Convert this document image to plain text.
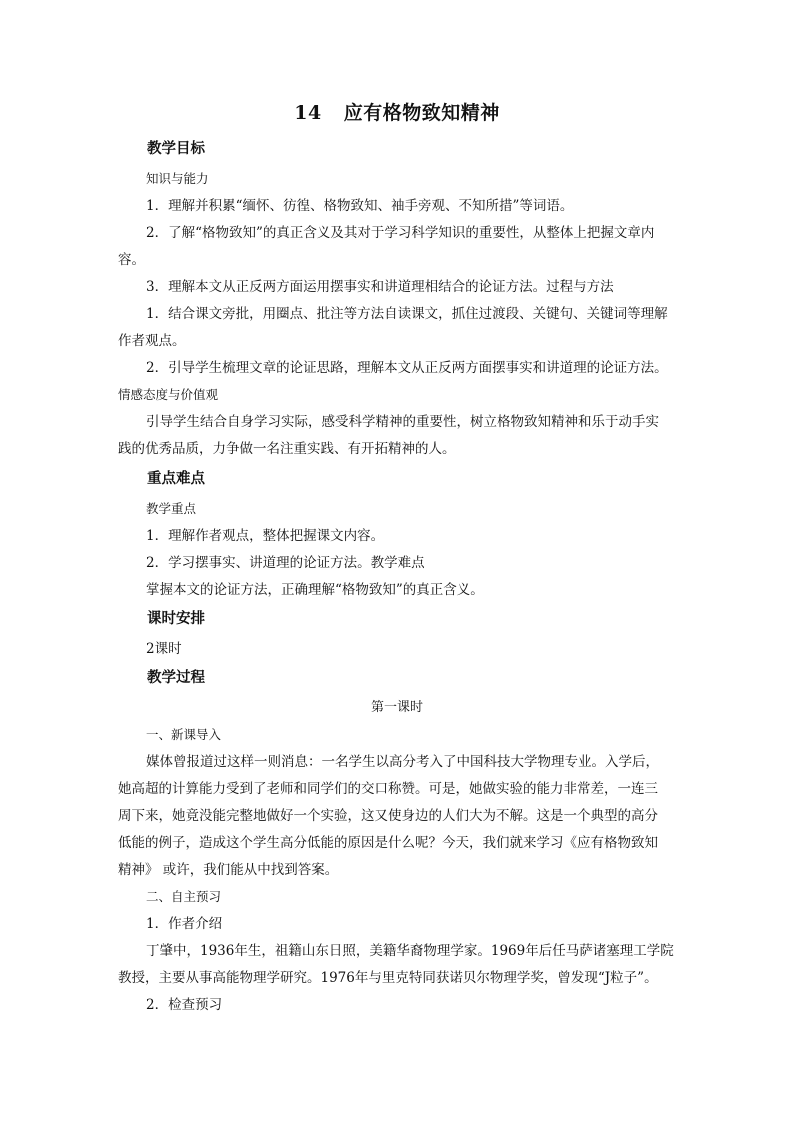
14 应有格物致知精神
教学目标
知识与能力
1．理解并积累“缅怀、彷徨、格物致知、袖手旁观、不知所措”等词语。
2．了解“格物致知”的真正含义及其对于学习科学知识的重要性，从整体上把握文章内
容。
3．理解本文从正反两方面运用摆事实和讲道理相结合的论证方法。过程与方法
1．结合课文旁批，用圈点、批注等方法自读课文，抓住过渡段、关键句、关键词等理解
作者观点。
2．引导学生梳理文章的论证思路，理解本文从正反两方面摆事实和讲道理的论证方法。
情感态度与价值观
引导学生结合自身学习实际，感受科学精神的重要性，树立格物致知精神和乐于动手实
践的优秀品质，力争做一名注重实践、有开拓精神的人。
重点难点
教学重点
1．理解作者观点，整体把握课文内容。
2．学习摆事实、讲道理的论证方法。教学难点
掌握本文的论证方法，正确理解“格物致知”的真正含义。
课时安排
2课时
教学过程
第一课时
一、新课导入
媒体曾报道过这样一则消息：一名学生以高分考入了中国科技大学物理专业。入学后，
她高超的计算能力受到了老师和同学们的交口称赞。可是，她做实验的能力非常差，一连三
周下来，她竟没能完整地做好一个实验，这又使身边的人们大为不解。这是一个典型的高分
低能的例子，造成这个学生高分低能的原因是什么呢？今天，我们就来学习《应有格物致知
精神》 或许，我们能从中找到答案。
二、自主预习
1．作者介绍
丁肇中，1936年生，祖籍山东日照，美籍华裔物理学家。1969年后任马萨诸塞理工学院
教授，主要从事高能物理学研究。1976年与里克特同获诺贝尔物理学奖，曾发现“J粒子”。
2．检查预习
